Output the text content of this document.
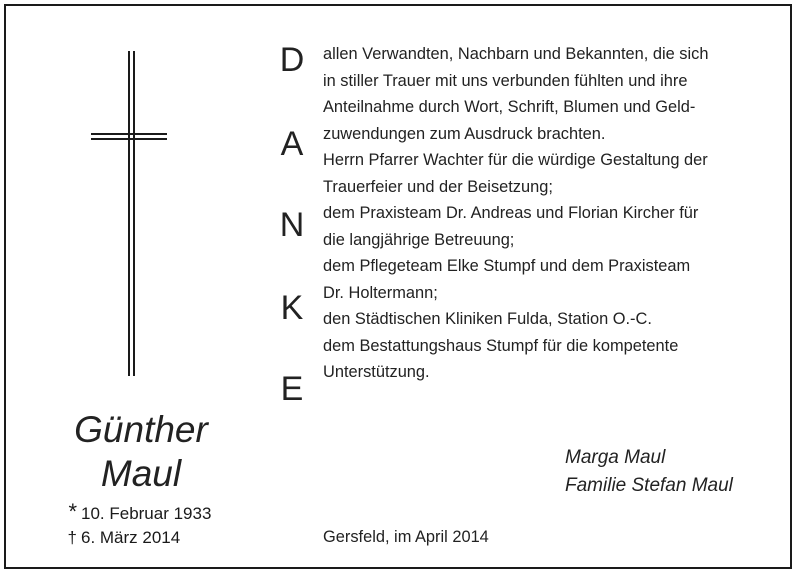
Günther
Maul
* 10. Februar 1933
† 6. März 2014
D
A
N
K
E

allen Verwandten, Nachbarn und Bekannten, die sich
in stiller Trauer mit uns verbunden fühlten und ihre
Anteilnahme durch Wort, Schrift, Blumen und Geld-
zuwendungen zum Ausdruck brachten.

Herrn Pfarrer Wachter für die würdige Gestaltung der
Trauerfeier und der Beisetzung;

dem Praxisteam Dr. Andreas und Florian Kircher für
die langjährige Betreuung;

dem Pflegeteam Elke Stumpf und dem Praxisteam
Dr. Holtermann;

den Städtischen Kliniken Fulda, Station O.-C.

dem Bestattungshaus Stumpf für die kompetente
Unterstützung.

Marga Maul
Familie Stefan Maul
Gersfeld, im April 2014
